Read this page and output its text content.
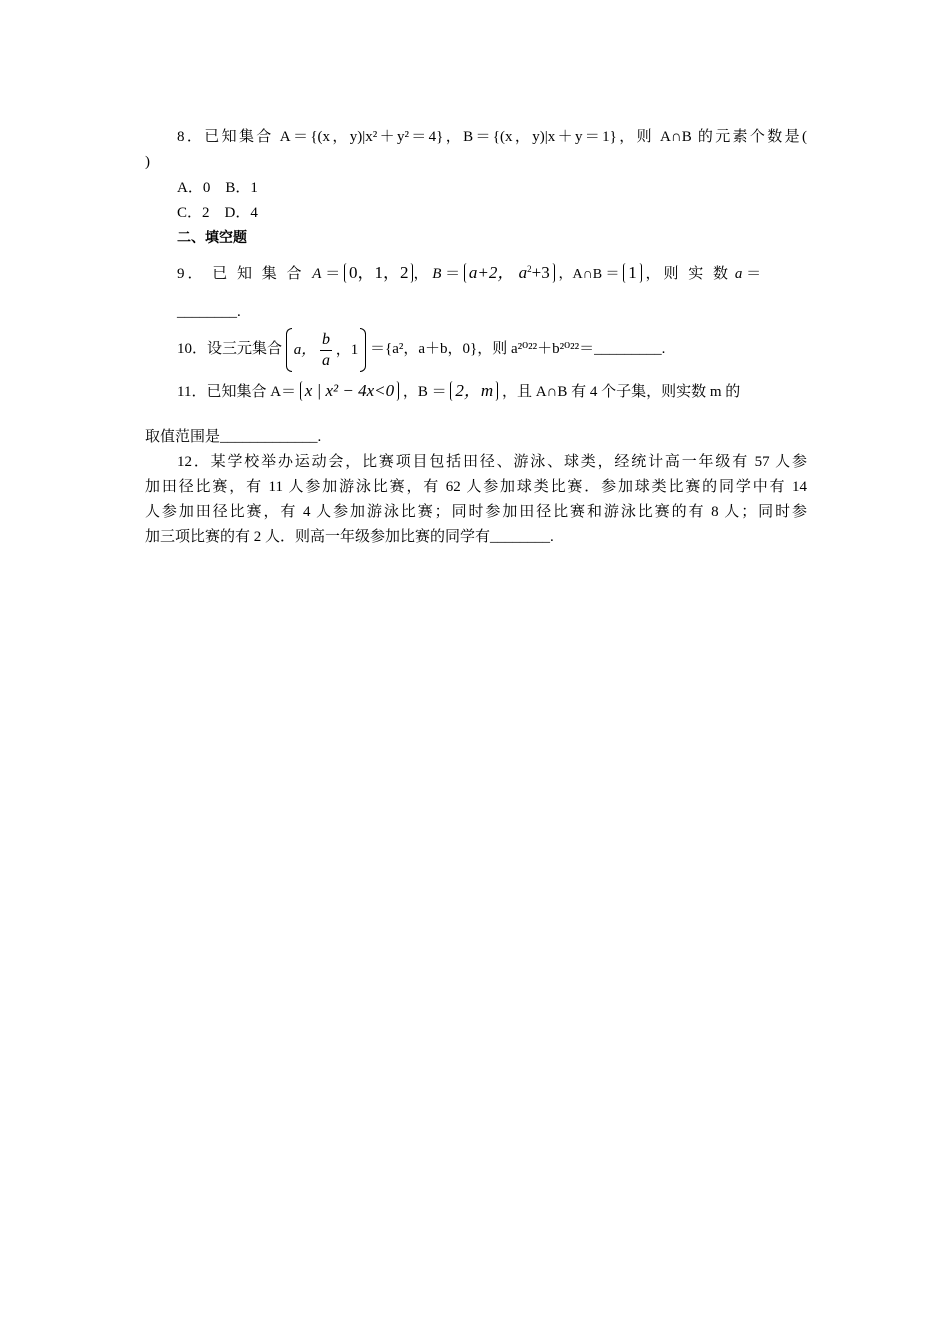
8．已知集合 A＝{(x，y)|x²＋y²＝4}，B＝{(x，y)|x＋y＝1}，则 A∩B 的元素个数是(
)
A．0　B．1
C．2　D．4
二、填空题
9． 已 知 集 合 A ＝ 0，1，2 ， B ＝ a+2， $a^2+3$ ，A∩B ＝ 1 ，则 实 数 a ＝
________.
10．设三元集合 a， $\frac{b}{a}$ ，1 ＝{a²，a＋b，0}，则 a²⁰²²＋b²⁰²²＝_________.
11．已知集合 A＝ x | x² − 4x<0 ，B ＝ 2，m ，且 A∩B 有 4 个子集，则实数 m 的
取值范围是_____________.
12．某学校举办运动会，比赛项目包括田径、游泳、球类，经统计高一年级有 57 人参
加田径比赛，有 11 人参加游泳比赛，有 62 人参加球类比赛．参加球类比赛的同学中有 14
人参加田径比赛，有 4 人参加游泳比赛；同时参加田径比赛和游泳比赛的有 8 人；同时参
加三项比赛的有 2 人．则高一年级参加比赛的同学有________.
